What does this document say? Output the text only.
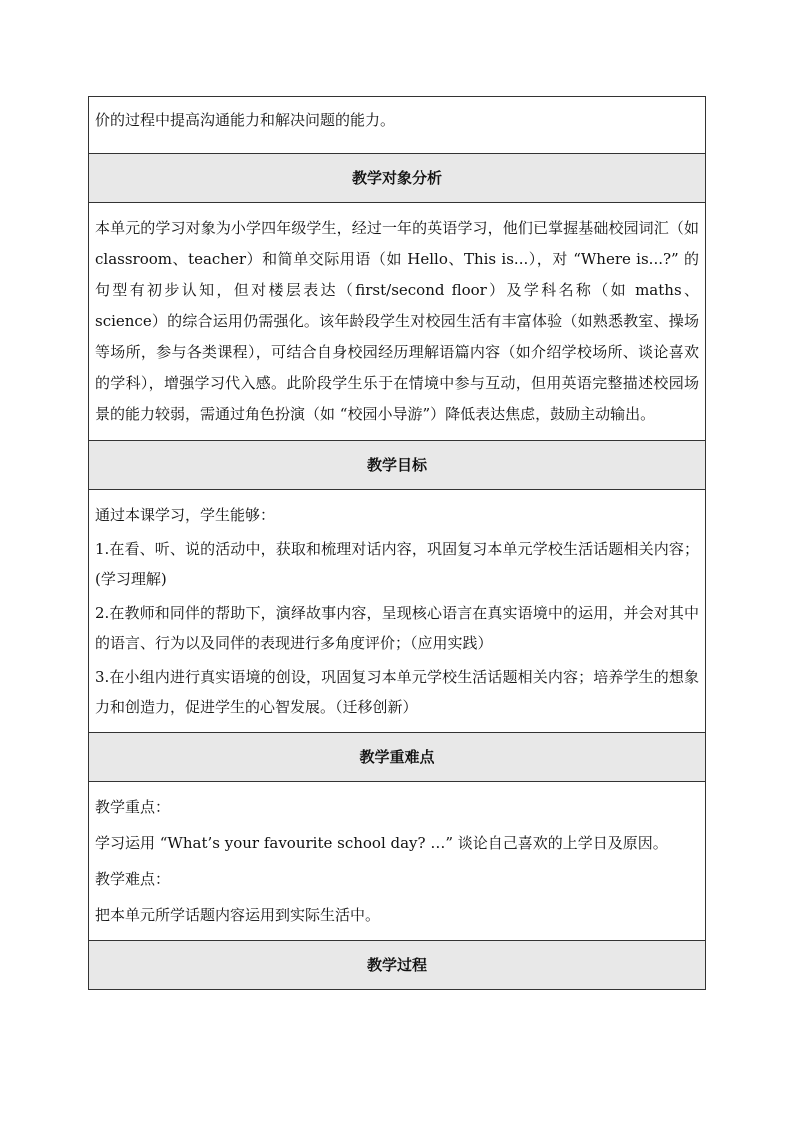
价的过程中提高沟通能力和解决问题的能力。

教学对象分析

本单元的学习对象为小学四年级学生，经过一年的英语学习，他们已掌握基础校园词汇（如 classroom、teacher）和简单交际用语（如 Hello、This is...），对 “Where is...?” 的句型有初步认知，但对楼层表达（first/second floor）及学科名称（如 maths、science）的综合运用仍需强化。该年龄段学生对校园生活有丰富体验（如熟悉教室、操场等场所，参与各类课程），可结合自身校园经历理解语篇内容（如介绍学校场所、谈论喜欢的学科），增强学习代入感。此阶段学生乐于在情境中参与互动，但用英语完整描述校园场景的能力较弱，需通过角色扮演（如 “校园小导游”）降低表达焦虑，鼓励主动输出。

教学目标

通过本课学习，学生能够：

1.在看、听、说的活动中，获取和梳理对话内容，巩固复习本单元学校生活话题相关内容；(学习理解)

2.在教师和同伴的帮助下，演绎故事内容，呈现核心语言在真实语境中的运用，并会对其中的语言、行为以及同伴的表现进行多角度评价；（应用实践）

3.在小组内进行真实语境的创设，巩固复习本单元学校生活话题相关内容；培养学生的想象力和创造力，促进学生的心智发展。（迁移创新）

教学重难点

教学重点：

学习运用 “What’s your favourite school day? …” 谈论自己喜欢的上学日及原因。

教学难点：

把本单元所学话题内容运用到实际生活中。

教学过程
